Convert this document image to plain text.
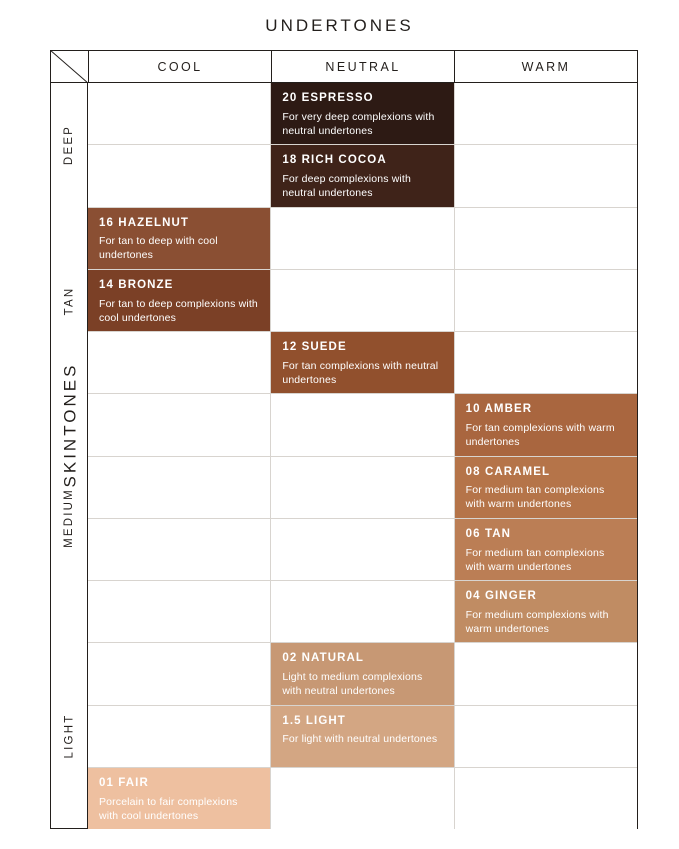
UNDERTONES
SKINTONES
COOL	NEUTRAL	WARM
DEEP
TAN
MEDIUM
LIGHT
20 ESPRESSO
For very deep complexions with neutral undertones
18 RICH COCOA
For deep complexions with neutral undertones
16 HAZELNUT
For tan to deep with cool undertones
14 BRONZE
For tan to deep complexions with cool undertones
12 SUEDE
For tan complexions with neutral undertones
10 AMBER
For tan complexions with warm undertones
08 CARAMEL
For medium tan complexions with warm undertones
06 TAN
For medium tan complexions with warm undertones
04 GINGER
For medium complexions with warm undertones
02 NATURAL
Light to medium complexions with neutral undertones
1.5 LIGHT
For light with neutral undertones
01 FAIR
Porcelain to fair complexions with cool undertones
